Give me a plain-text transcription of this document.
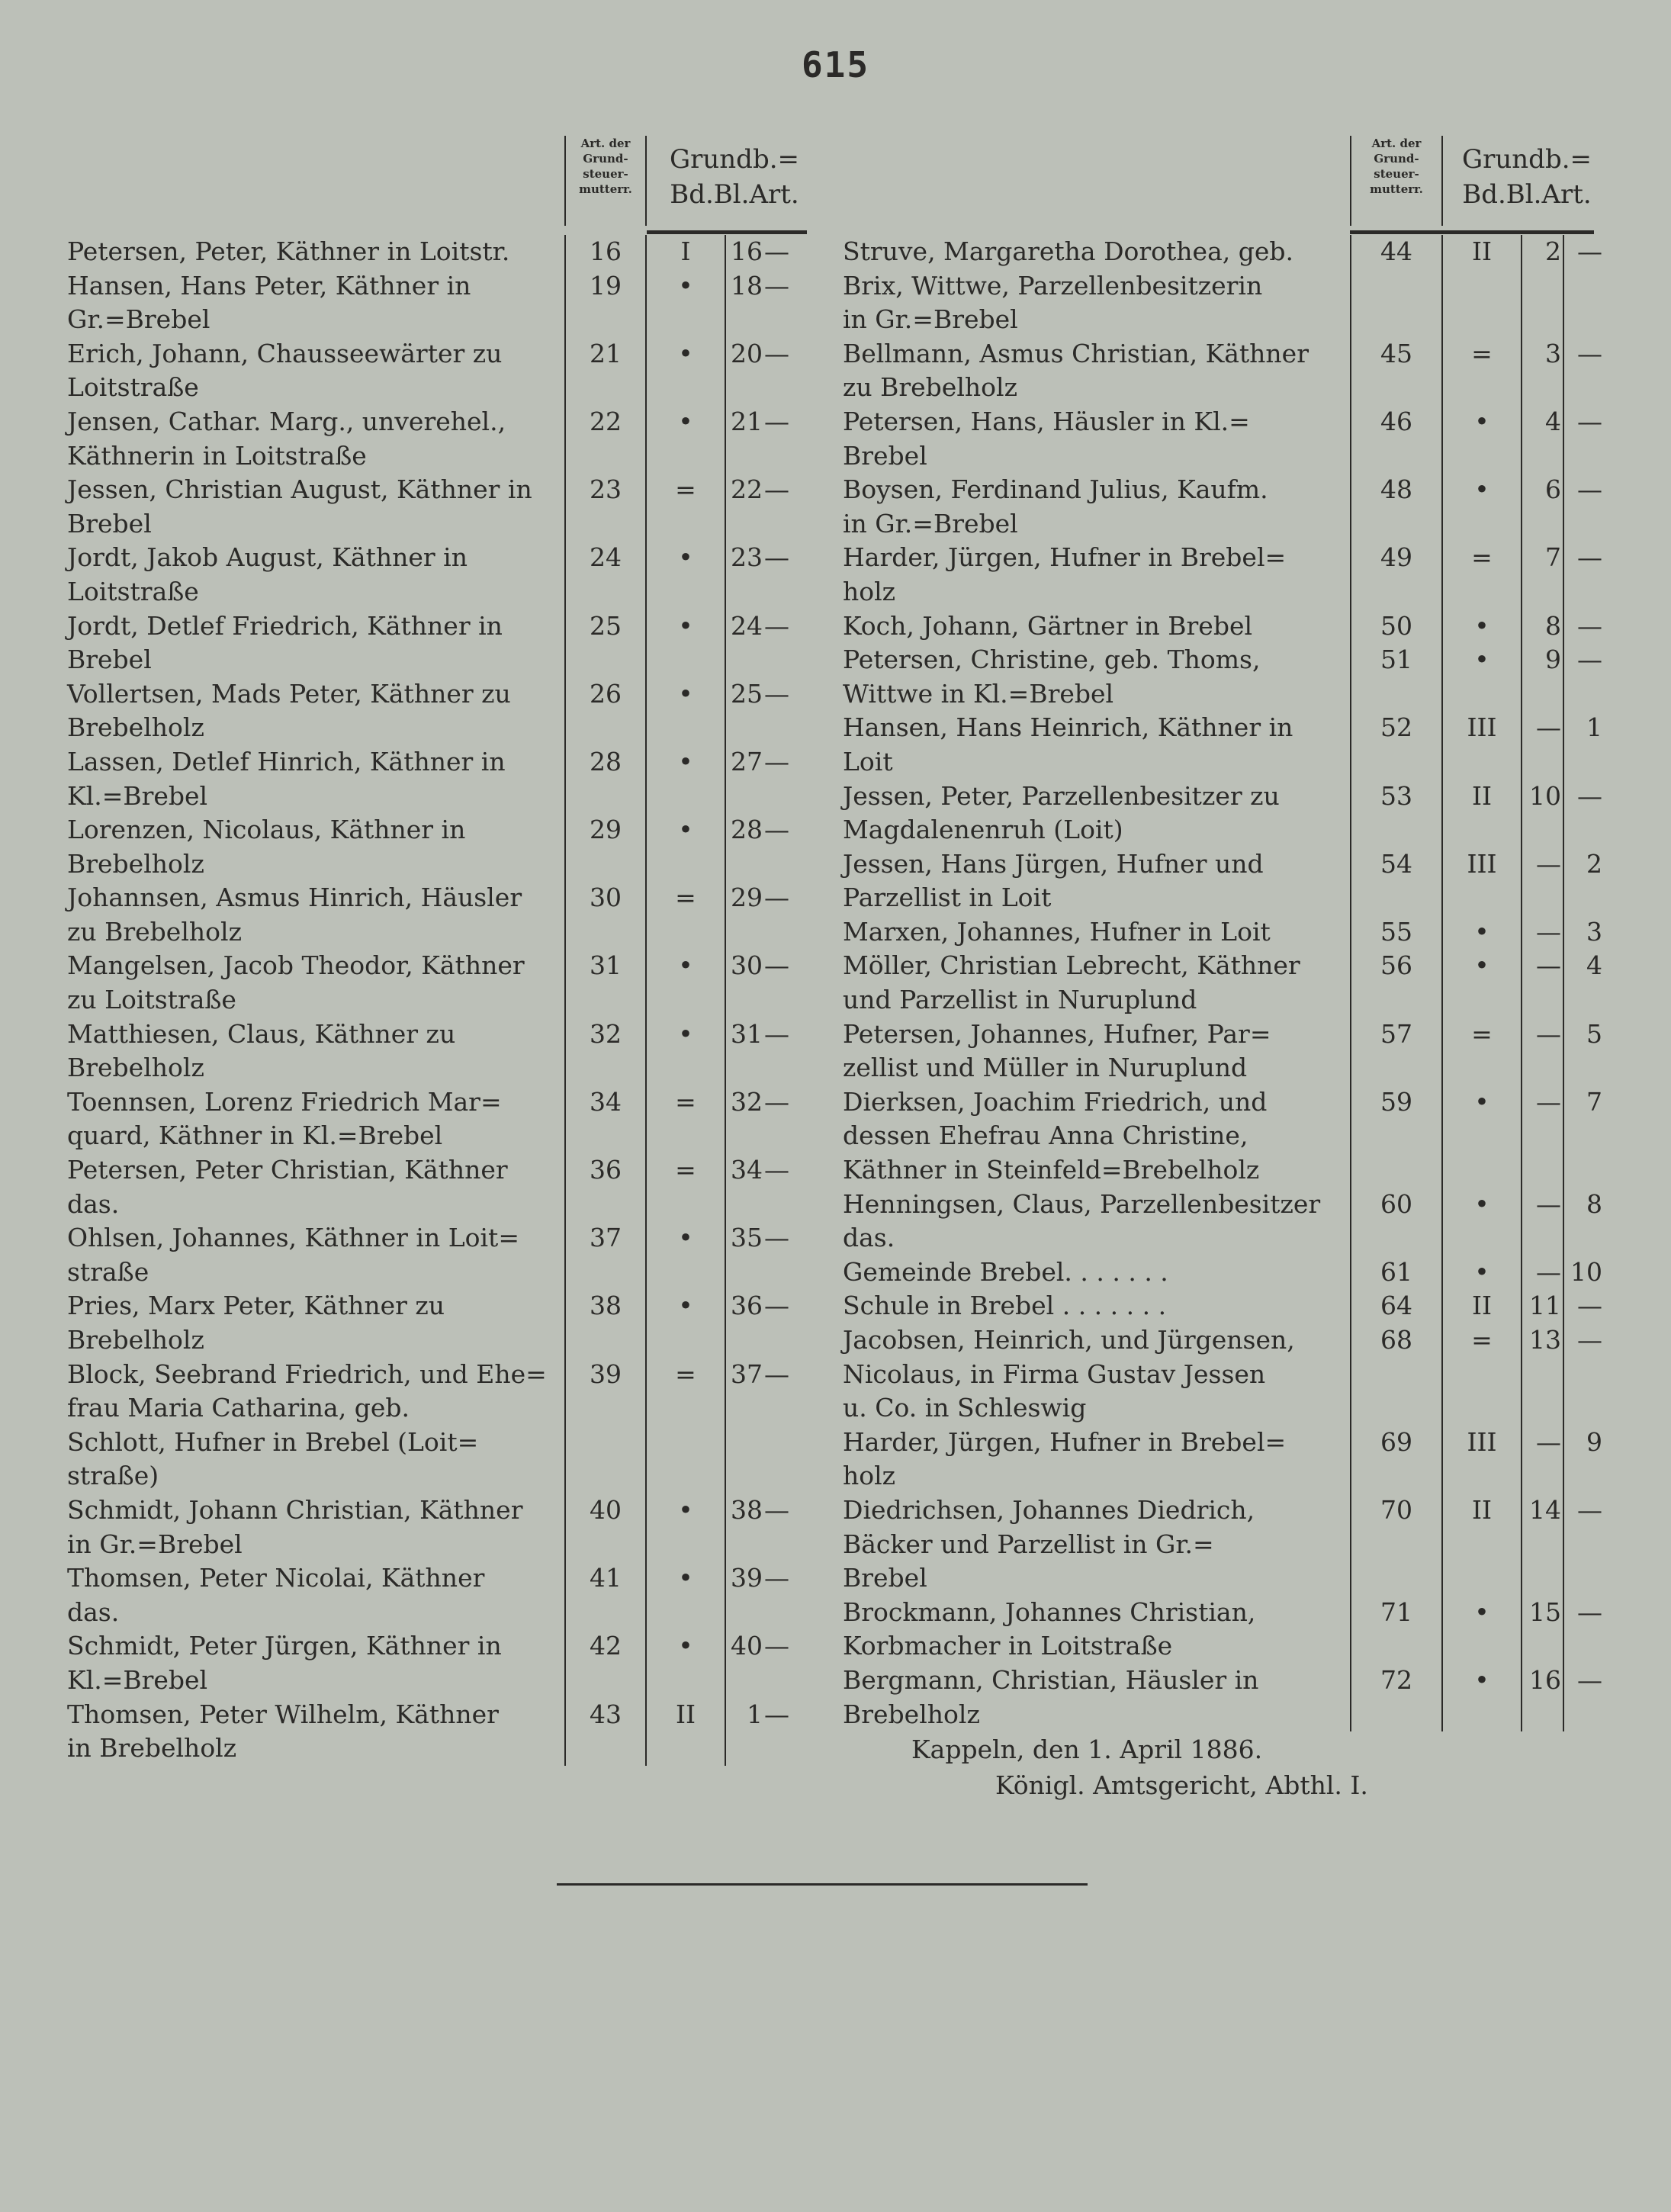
615
Art. der
Grund-
steuer-
mutterr.
Grundb.=
Bd.Bl.Art.
Petersen, Peter, Käthner in Loitstr.	16	I	16 —
Hansen, Hans Peter, Käthner in
Gr.=Brebel
19	•	18 —
Erich, Johann, Chausseewärter zu
Loitstraße
21	•	20 —
Jensen, Cathar. Marg., unverehel.,
Käthnerin in Loitstraße
22	•	21 —
Jessen, Christian August, Käthner in
Brebel
23	=	22 —
Jordt, Jakob August, Käthner in
Loitstraße
24	•	23 —
Jordt, Detlef Friedrich, Käthner in
Brebel
25	•	24 —
Vollertsen, Mads Peter, Käthner zu
Brebelholz
26	•	25 —
Lassen, Detlef Hinrich, Käthner in
Kl.=Brebel
28	•	27 —
Lorenzen, Nicolaus, Käthner in
Brebelholz
29	•	28 —
Johannsen, Asmus Hinrich, Häusler
zu Brebelholz
30	=	29 —
Mangelsen, Jacob Theodor, Käthner
zu Loitstraße
31	•	30 —
Matthiesen, Claus, Käthner zu
Brebelholz
32	•	31 —
Toennsen, Lorenz Friedrich Mar=
quard, Käthner in Kl.=Brebel
34	=	32 —
Petersen, Peter Christian, Käthner
das.
36	=	34 —
Ohlsen, Johannes, Käthner in Loit=
straße
37	•	35 —
Pries, Marx Peter, Käthner zu
Brebelholz
38	•	36 —
Block, Seebrand Friedrich, und Ehe=
frau Maria Catharina, geb.
Schlott, Hufner in Brebel (Loit=
straße)
39	=	37 —
Schmidt, Johann Christian, Käthner
in Gr.=Brebel
40	•	38 —
Thomsen, Peter Nicolai, Käthner
das.
41	•	39 —
Schmidt, Peter Jürgen, Käthner in
Kl.=Brebel
42	•	40 —
Thomsen, Peter Wilhelm, Käthner
in Brebelholz
43	II	1 —
Art. der
Grund-
steuer-
mutterr.
Grundb.=
Bd.Bl.Art.
Struve, Margaretha Dorothea, geb.
Brix, Wittwe, Parzellenbesitzerin
in Gr.=Brebel
44	II	2 —
Bellmann, Asmus Christian, Käthner
zu Brebelholz
45	=	3 —
Petersen, Hans, Häusler in Kl.=
Brebel
46	•	4 —
Boysen, Ferdinand Julius, Kaufm.
in Gr.=Brebel
48	•	6 —
Harder, Jürgen, Hufner in Brebel=
holz
49	=	7 —
Koch, Johann, Gärtner in Brebel	50	•	8 —
Petersen, Christine, geb. Thoms,
Wittwe in Kl.=Brebel
51	•	9 —
Hansen, Hans Heinrich, Käthner in
Loit
52	III	—	1
Jessen, Peter, Parzellenbesitzer zu
Magdalenenruh (Loit)
53	II	10 —
Jessen, Hans Jürgen, Hufner und
Parzellist in Loit
54	III	—	2
Marxen, Johannes, Hufner in Loit	55	•	—	3
Möller, Christian Lebrecht, Käthner
und Parzellist in Nuruplund
56	•	—	4
Petersen, Johannes, Hufner, Par=
zellist und Müller in Nuruplund
57	=	—	5
Dierksen, Joachim Friedrich, und
dessen Ehefrau Anna Christine,
Käthner in Steinfeld=Brebelholz
59	•	—	7
Henningsen, Claus, Parzellenbesitzer
das.
60	•	—	8
Gemeinde Brebel. . . . . . .	61	•	— 10
Schule in Brebel . . . . . . .	64	II	11 —
Jacobsen, Heinrich, und Jürgensen,
Nicolaus, in Firma Gustav Jessen
u. Co. in Schleswig
68	=	13 —
Harder, Jürgen, Hufner in Brebel=
holz
69	III	—	9
Diedrichsen, Johannes Diedrich,
Bäcker und Parzellist in Gr.=
Brebel
70	II	14 —
Brockmann, Johannes Christian,
Korbmacher in Loitstraße
71	•	15 —
Bergmann, Christian, Häusler in
Brebelholz
72	•	16 —
Kappeln, den 1. April 1886.
Königl. Amtsgericht, Abthl. I.
